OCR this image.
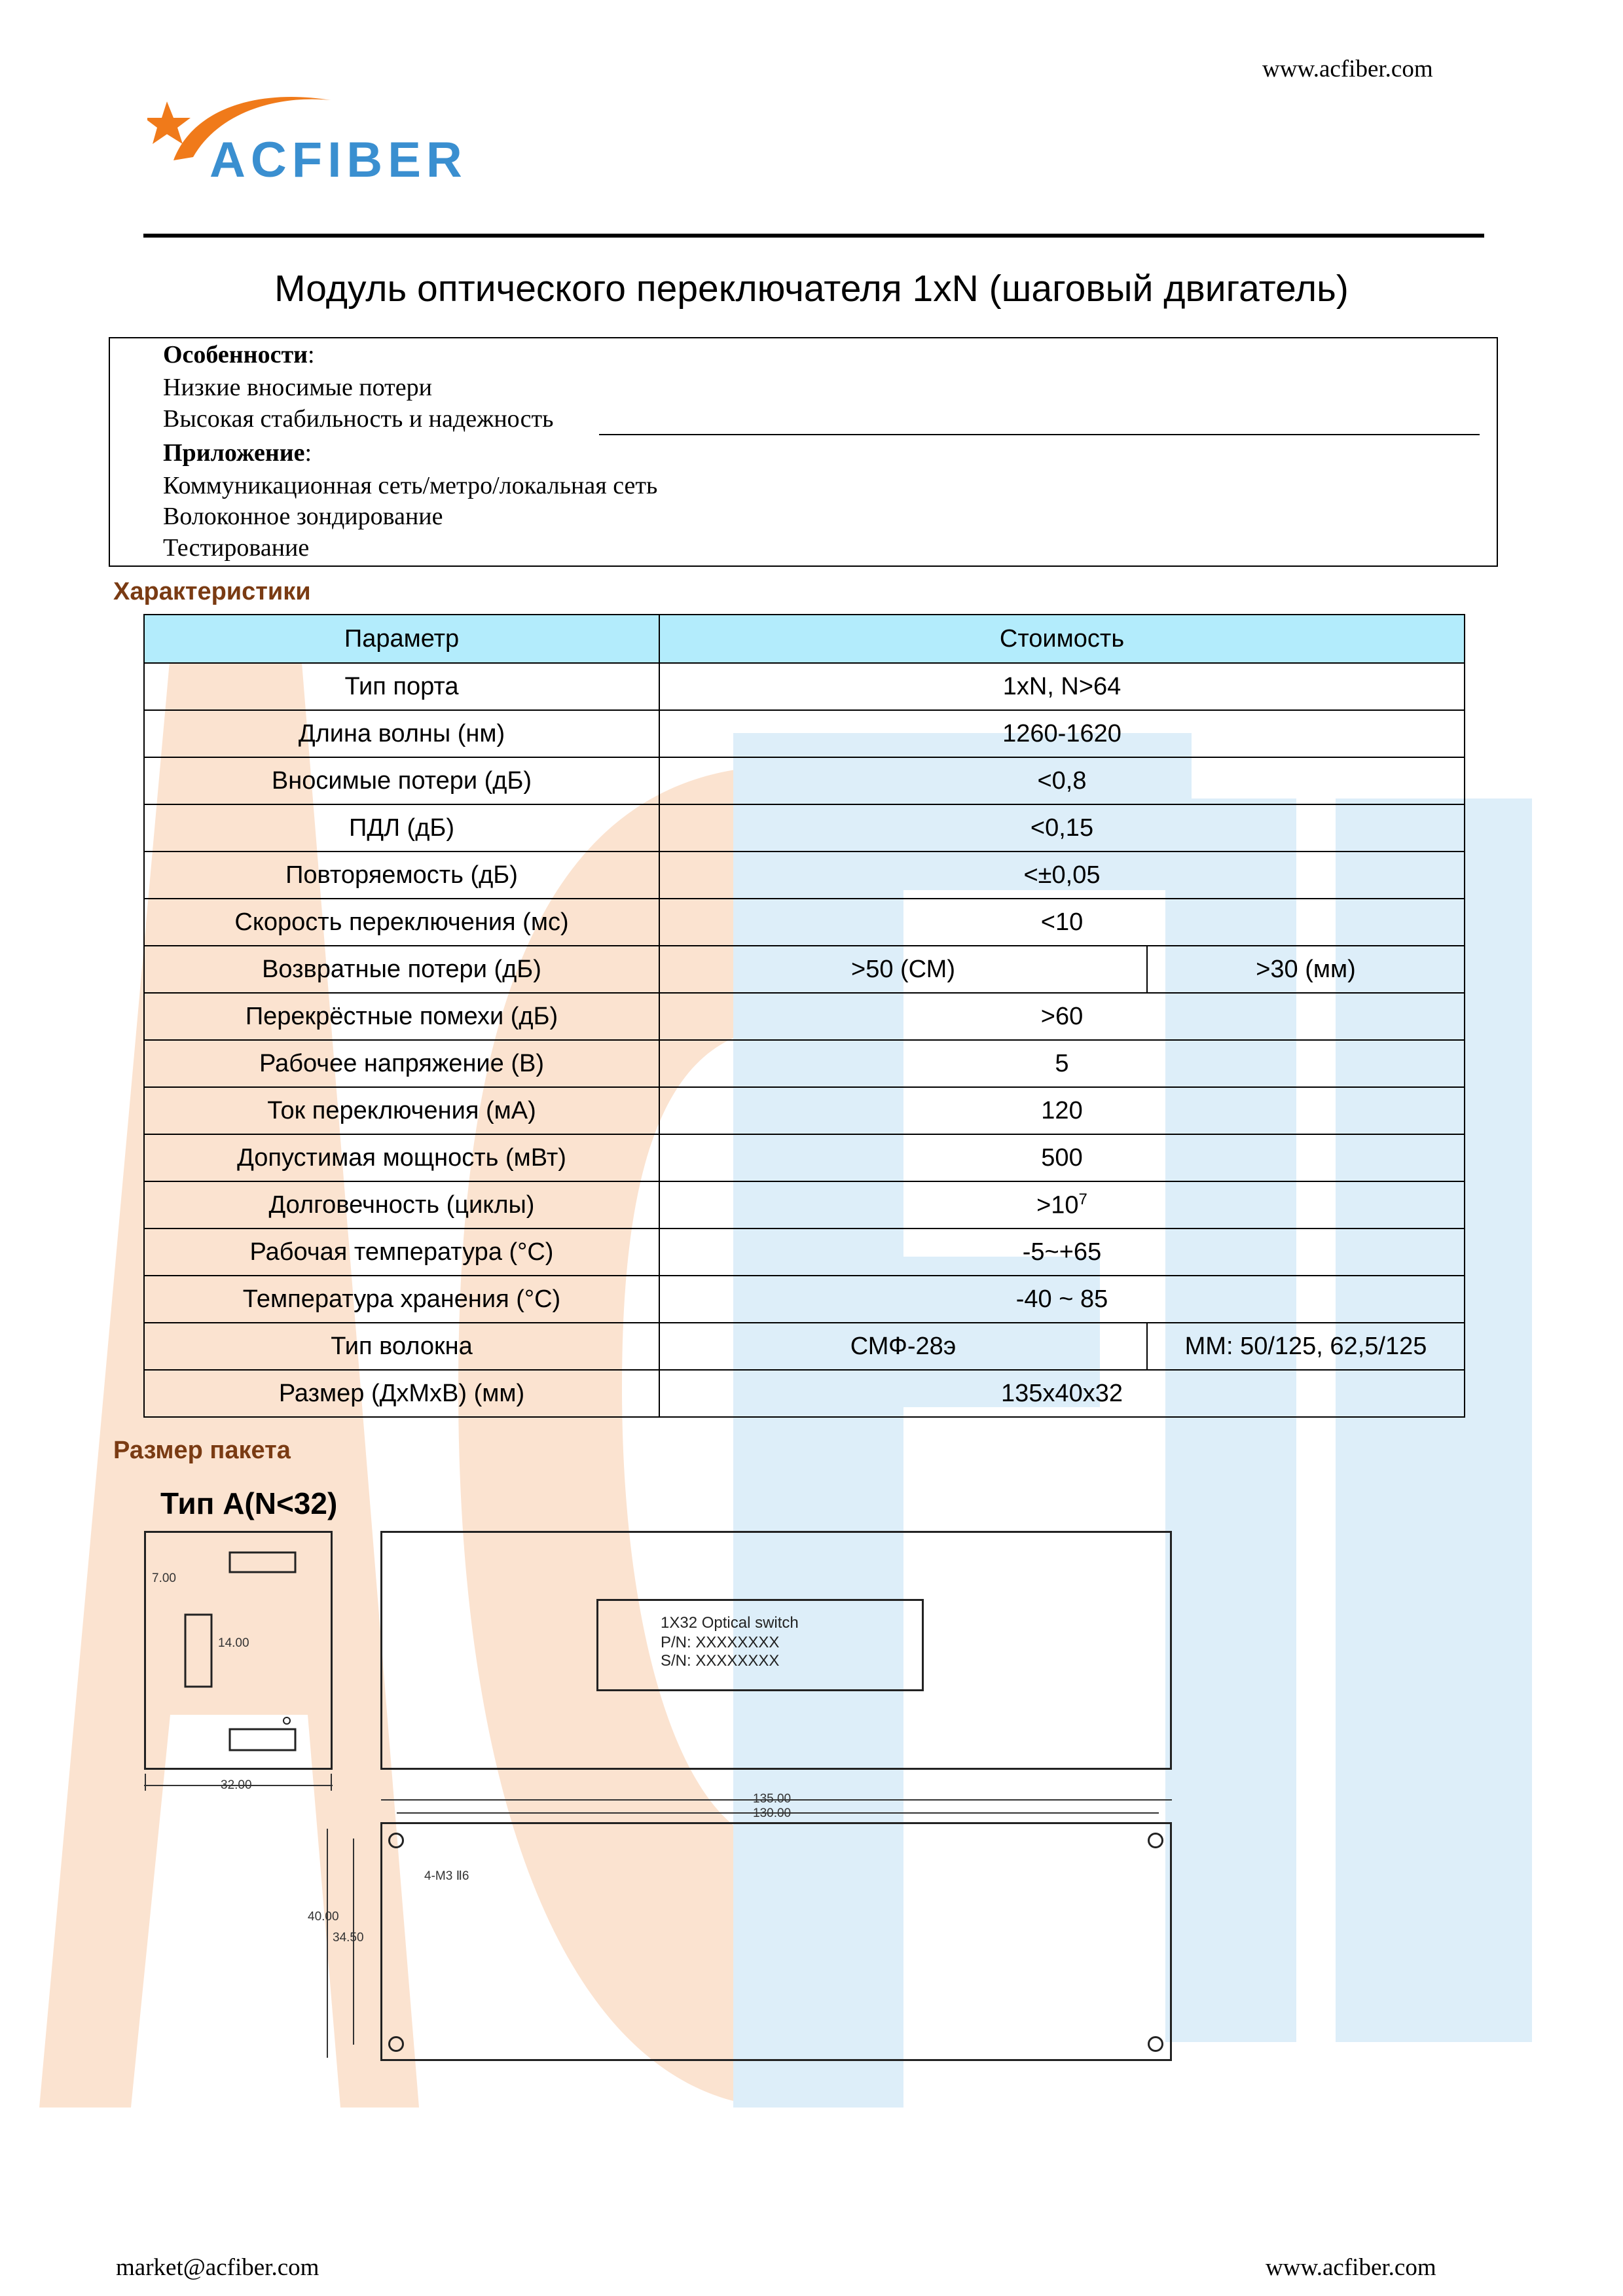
www.acfiber.com
ACFIBER
Модуль оптического переключателя 1xN (шаговый двигатель)
Особенности:
Низкие вносимые потери
Высокая стабильность и надежность
Приложение:
Коммуникационная сеть/метро/локальная сеть
Волоконное зондирование
Тестирование
Характеристики
Параметр	Стоимость	
Тип порта	1xN, N>64	
Длина волны (нм)	1260-1620	
Вносимые потери (дБ)	<0,8	
ПДЛ (дБ)	<0,15	
Повторяемость (дБ)	<±0,05	
Скорость переключения (мс)	<10	
Возвратные потери (дБ)	>50 (СМ)	>30 (мм)
Перекрёстные помехи (дБ)	>60	
Рабочее напряжение (В)	5	
Ток переключения (мА)	120	
Допустимая мощность (мВт)	500	
Долговечность (циклы)	$>10^7$
Рабочая температура (°C)	-5~+65	
Температура хранения (°C)	-40 ~ 85	
Тип волокна	СМФ-28э	ММ: 50/125, 62,5/125
Размер (ДхМхВ) (мм)	135x40x32	
Размер пакета
Тип А(N<32)
7.00
14.00
32.00
1X32 Optical switch
P/N: XXXXXXXX
S/N: XXXXXXXX
135.00
130.00
4-M3 Ⅱ6
40.00
34.50
market@acfiber.com	www.acfiber.com
